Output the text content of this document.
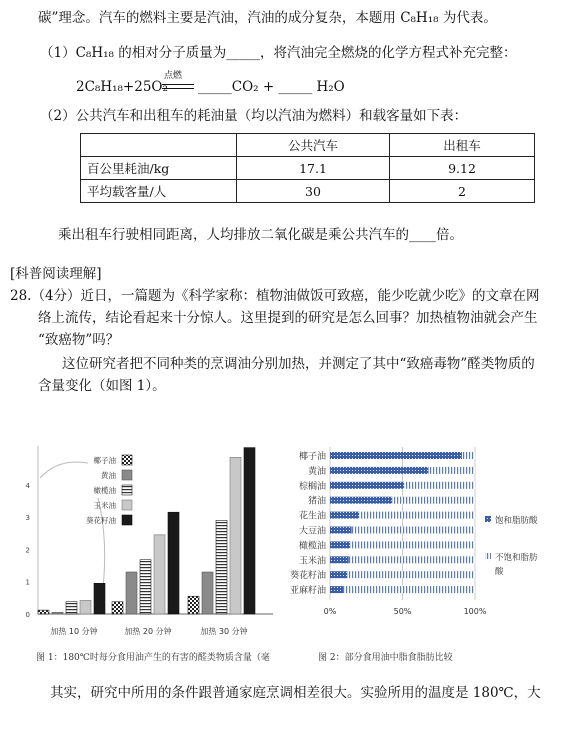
碳”理念。汽车的燃料主要是汽油，汽油的成分复杂，本题用 C₈H₁₈ 为代表。
（1）C₈H₁₈ 的相对分子质量为_____，将汽油完全燃烧的化学方程式补充完整：
2C₈H₁₈+25O₂
点燃
_____CO₂ + _____ H₂O
（2）公共汽车和出租车的耗油量（均以汽油为燃料）和载客量如下表：
	公共汽车	出租车
百公里耗油/kg	17.1	9.12
平均载客量/人	30	2
乘出租车行驶相同距离，人均排放二氧化碳是乘公共汽车的____倍。
[科普阅读理解]
28.（4分）近日，一篇题为《科学家称：植物油做饭可致癌，能少吃就少吃》的文章在网
络上流传，结论看起来十分惊人。这里提到的研究是怎么回事？加热植物油就会产生
“致癌物”吗？
这位研究者把不同种类的烹调油分别加热，并测定了其中“致癌毒物”醛类物质的
含量变化（如图 1）。
0
1
2
3
4
椰子油
黄油
橄榄油
玉米油
葵花籽油
加热 10 分钟	加热 20 分钟	加热 30 分钟
图 1：180℃时每分食用油产生的有害的醛类物质含量（毫
椰子油
黄油
棕榈油
猪油
花生油
大豆油
橄榄油
玉米油
葵花籽油
亚麻籽油
0%	50%	100%
饱和脂肪酸
不饱和脂肪
酸
图 2：部分食用油中脂食脂肪比较
其实，研究中所用的条件跟普通家庭烹调相差很大。实验所用的温度是 180℃，大
